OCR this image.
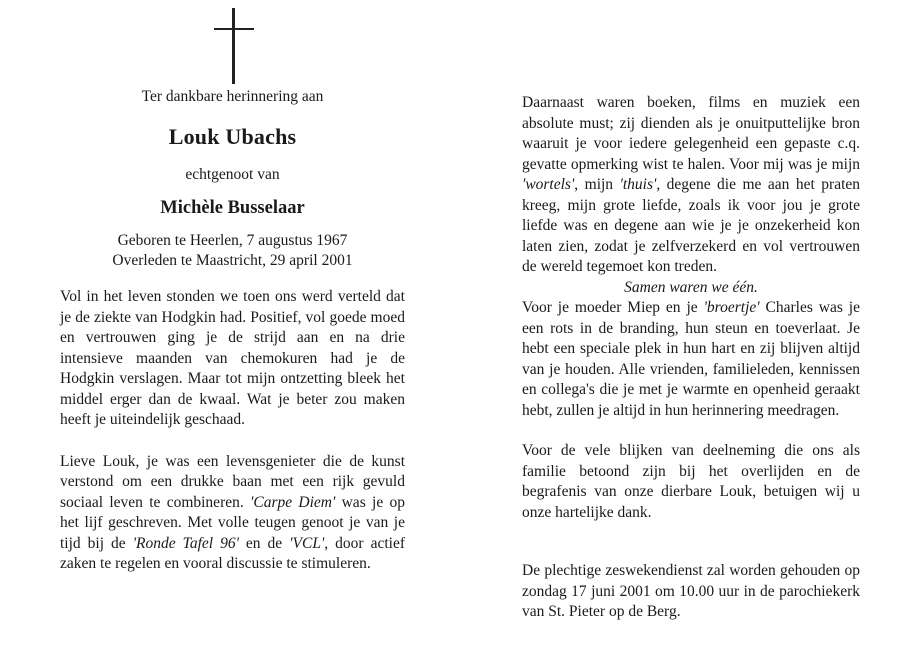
Ter dankbare herinnering aan
Louk Ubachs
echtgenoot van
Michèle Busselaar
Geboren te Heerlen, 7 augustus 1967
Overleden te Maastricht, 29 april 2001

Vol in het leven stonden we toen ons werd verteld dat je de ziekte van Hodgkin had. Positief, vol goede moed en vertrouwen ging je de strijd aan en na drie intensieve maanden van chemokuren had je de Hodgkin verslagen. Maar tot mijn ontzetting bleek het middel erger dan de kwaal. Wat je beter zou maken heeft je uiteindelijk geschaad.

Lieve Louk, je was een levensgenieter die de kunst verstond om een drukke baan met een rijk gevuld sociaal leven te combineren. 'Carpe Diem' was je op het lijf geschreven. Met volle teugen genoot je van je tijd bij de 'Ronde Tafel 96' en de 'VCL', door actief zaken te regelen en vooral discussie te stimuleren.

Daarnaast waren boeken, films en muziek een absolute must; zij dienden als je onuitputtelijke bron waaruit je voor iedere gelegenheid een gepaste c.q. gevatte opmerking wist te halen. Voor mij was je mijn 'wortels', mijn 'thuis', degene die me aan het praten kreeg, mijn grote liefde, zoals ik voor jou je grote liefde was en degene aan wie je je onzekerheid kon laten zien, zodat je zelfverzekerd en vol vertrouwen de wereld tegemoet kon treden.

Samen waren we één.

Voor je moeder Miep en je 'broertje' Charles was je een rots in de branding, hun steun en toeverlaat. Je hebt een speciale plek in hun hart en zij blijven altijd van je houden. Alle vrienden, familieleden, kennissen en collega's die je met je warmte en openheid geraakt hebt, zullen je altijd in hun herinnering meedragen.

Voor de vele blijken van deelneming die ons als familie betoond zijn bij het overlijden en de begrafenis van onze dierbare Louk, betuigen wij u onze hartelijke dank.

De plechtige zeswekendienst zal worden gehouden op zondag 17 juni 2001 om 10.00 uur in de parochiekerk van St. Pieter op de Berg.
